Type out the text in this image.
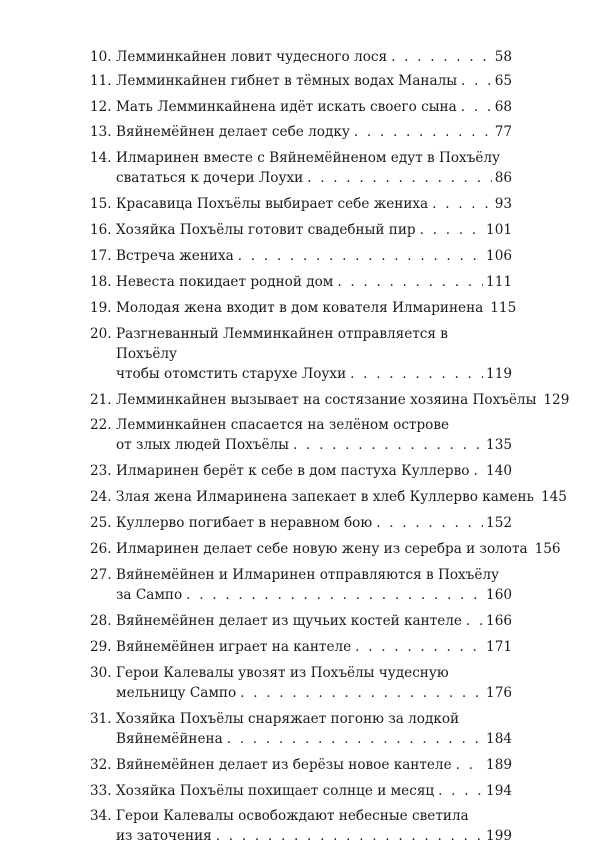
10. Лемминкайнен ловит чудесного лося . . .	58
11. Лемминкайнен гибнет в тёмных водах Маналы . . .	65
12. Мать Лемминкайнена идёт искать своего сына . . .	68
13. Вяйнемёйнен делает себе лодку . . .	77
14. Илмаринен вместе с Вяйнемёйненом едут в Похъёлу
свататься к дочери Лоухи . . .	86
15. Красавица Похъёлы выбирает себе жениха . . .	93
16. Хозяйка Похъёлы готовит свадебный пир . . .	101
17. Встреча жениха . . .	106
18. Невеста покидает родной дом . . .	111
19. Молодая жена входит в дом кователя Илмаринена 115
20. Разгневанный Лемминкайнен отправляется в Похъёлу
чтобы отомстить старухе Лоухи . . .	119
21. Лемминкайнен вызывает на состязание хозяина Похъёлы 129
22. Лемминкайнен спасается на зелёном острове
от злых людей Похъёлы . . .	135
23. Илмаринен берёт к себе в дом пастуха Куллерво . . . 140
24. Злая жена Илмаринена запекает в хлеб Куллерво камень 145
25. Куллерво погибает в неравном бою . . .	152
26. Илмаринен делает себе новую жену из серебра и золота 156
27. Вяйнемёйнен и Илмаринен отправляются в Похъёлу
за Сампо . . .	160
28. Вяйнемёйнен делает из щучьих костей кантеле . . . 166
29. Вяйнемёйнен играет на кантеле . . .	171
30. Герои Калевалы увозят из Похъёлы чудесную
мельницу Сампо . . .	176
31. Хозяйка Похъёлы снаряжает погоню за лодкой
Вяйнемёйнена . . .	184
32. Вяйнемёйнен делает из берёзы новое кантеле . . .	189
33. Хозяйка Похъёлы похищает солнце и месяц . . .	194
34. Герои Калевалы освобождают небесные светила
из заточения . . .	199
